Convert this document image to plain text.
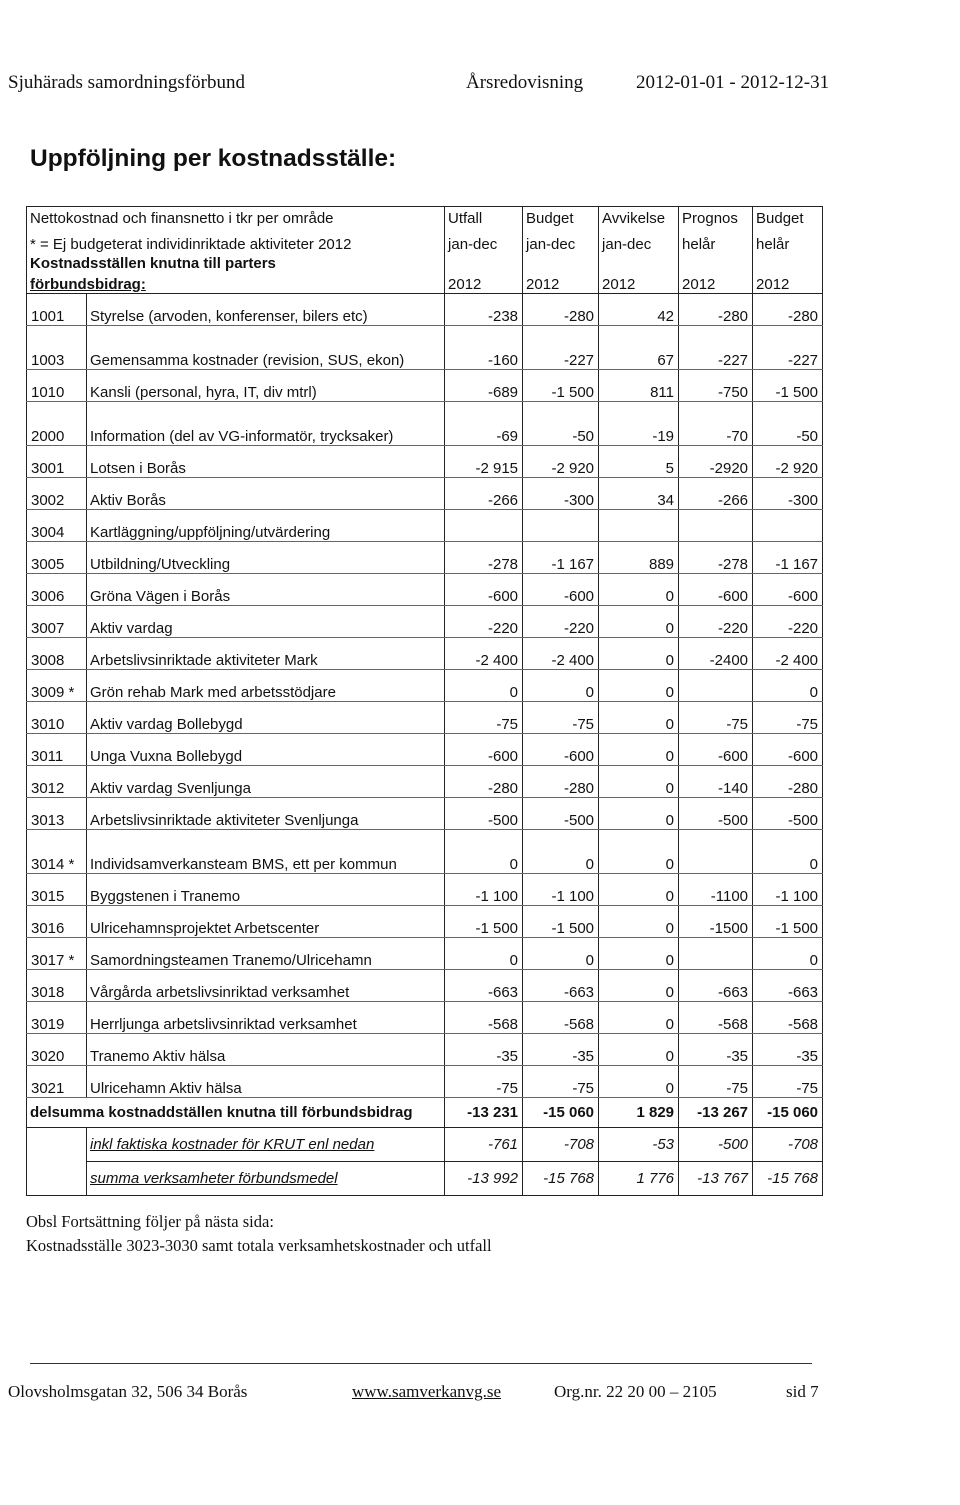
Sjuhärads samordningsförbund	Årsredovisning	2012-01-01 - 2012-12-31
Uppföljning per kostnadsställe:
Nettokostnad och finansnetto i tkr per område		Utfall	Budget	Avvikelse	Prognos	Budget
* = Ej budgeterat individinriktade aktiviteter 2012		jan-dec	jan-dec	jan-dec	helår	helår
Kostnadsställen knutna till parters						
förbundsbidrag:		2012	2012	2012	2012	2012
1001	Styrelse (arvoden, konferenser, bilers etc)	-238	-280	42	-280	-280
1003	Gemensamma kostnader (revision, SUS, ekon)	-160	-227	67	-227	-227
1010	Kansli (personal, hyra, IT, div mtrl)	-689	-1 500	811	-750	-1 500
2000	Information (del av VG-informatör, trycksaker)	-69	-50	-19	-70	-50
3001	Lotsen i Borås	-2 915	-2 920	5	-2920	-2 920
3002	Aktiv Borås	-266	-300	34	-266	-300
3004	Kartläggning/uppföljning/utvärdering					
3005	Utbildning/Utveckling	-278	-1 167	889	-278	-1 167
3006	Gröna Vägen i Borås	-600	-600	0	-600	-600
3007	Aktiv vardag	-220	-220	0	-220	-220
3008	Arbetslivsinriktade aktiviteter Mark	-2 400	-2 400	0	-2400	-2 400
3009 *	Grön rehab Mark med arbetsstödjare	0	0	0		0
3010	Aktiv vardag Bollebygd	-75	-75	0	-75	-75
3011	Unga Vuxna Bollebygd	-600	-600	0	-600	-600
3012	Aktiv vardag Svenljunga	-280	-280	0	-140	-280
3013	Arbetslivsinriktade aktiviteter Svenljunga	-500	-500	0	-500	-500
3014 *	Individsamverkansteam BMS, ett per kommun	0	0	0		0
3015	Byggstenen i Tranemo	-1 100	-1 100	0	-1100	-1 100
3016	Ulricehamnsprojektet Arbetscenter	-1 500	-1 500	0	-1500	-1 500
3017 *	Samordningsteamen Tranemo/Ulricehamn	0	0	0		0
3018	Vårgårda arbetslivsinriktad verksamhet	-663	-663	0	-663	-663
3019	Herrljunga arbetslivsinriktad verksamhet	-568	-568	0	-568	-568
3020	Tranemo Aktiv hälsa	-35	-35	0	-35	-35
3021	Ulricehamn Aktiv hälsa	-75	-75	0	-75	-75
delsumma kostnaddställen knutna till förbundsbidrag		-13 231	-15 060	1 829	-13 267	-15 060
	inkl faktiska kostnader för KRUT enl nedan	-761	-708	-53	-500	-708
	summa verksamheter förbundsmedel	-13 992	-15 768	1 776	-13 767	-15 768
Obsl Fortsättning följer på nästa sida:
Kostnadsställe 3023-3030 samt totala verksamhetskostnader och utfall
Olovsholmsgatan 32, 506 34 Borås	www.samverkanvg.se	Org.nr. 22 20 00 – 2105	sid 7
